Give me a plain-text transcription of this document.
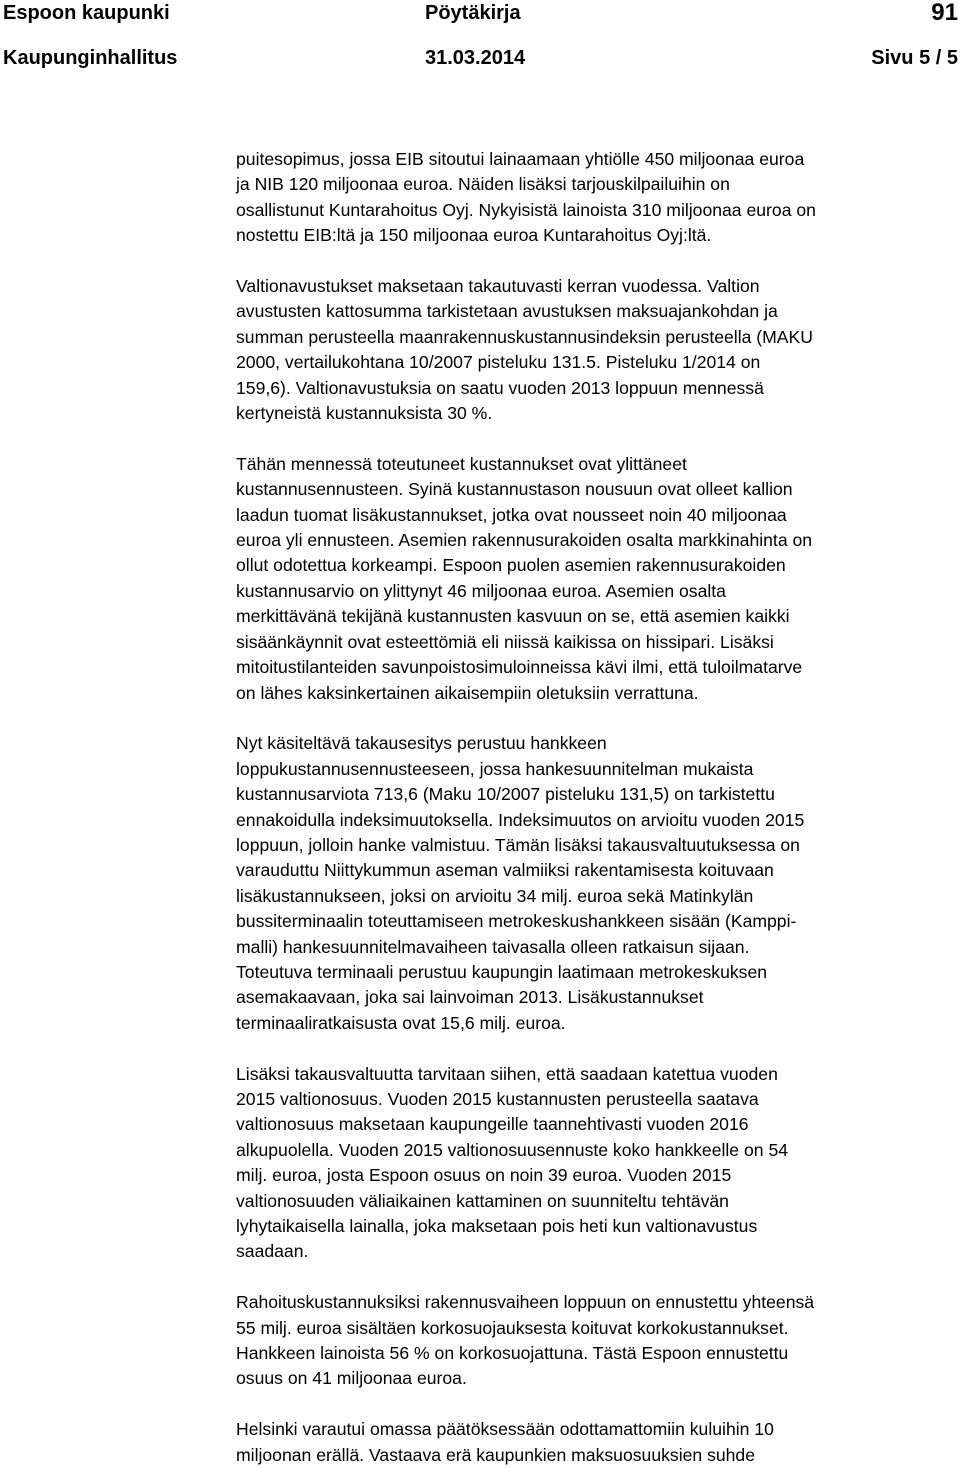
Espoon kaupunki	Pöytäkirja	91
Kaupunginhallitus	31.03.2014	Sivu 5 / 5

puitesopimus, jossa EIB sitoutui lainaamaan yhtiölle 450 miljoonaa euroa
ja NIB 120 miljoonaa euroa. Näiden lisäksi tarjouskilpailuihin on
osallistunut Kuntarahoitus Oyj. Nykyisistä lainoista 310 miljoonaa euroa on
nostettu EIB:ltä ja 150 miljoonaa euroa Kuntarahoitus Oyj:ltä.

Valtionavustukset maksetaan takautuvasti kerran vuodessa. Valtion
avustusten kattosumma tarkistetaan avustuksen maksuajankohdan ja
summan perusteella maanrakennuskustannusindeksin perusteella (MAKU
2000, vertailukohtana 10/2007 pisteluku 131.5. Pisteluku 1/2014 on
159,6). Valtionavustuksia on saatu vuoden 2013 loppuun mennessä
kertyneistä kustannuksista 30 %.

Tähän mennessä toteutuneet kustannukset ovat ylittäneet
kustannusennusteen. Syinä kustannustason nousuun ovat olleet kallion
laadun tuomat lisäkustannukset, jotka ovat nousseet noin 40 miljoonaa
euroa yli ennusteen. Asemien rakennusurakoiden osalta markkinahinta on
ollut odotettua korkeampi. Espoon puolen asemien rakennusurakoiden
kustannusarvio on ylittynyt 46 miljoonaa euroa. Asemien osalta
merkittävänä tekijänä kustannusten kasvuun on se, että asemien kaikki
sisäänkäynnit ovat esteettömiä eli niissä kaikissa on hissipari. Lisäksi
mitoitustilanteiden savunpoistosimuloinneissa kävi ilmi, että tuloilmatarve
on lähes kaksinkertainen aikaisempiin oletuksiin verrattuna.

Nyt käsiteltävä takausesitys perustuu hankkeen
loppukustannusennusteeseen, jossa hankesuunnitelman mukaista
kustannusarviota 713,6 (Maku 10/2007 pisteluku 131,5) on tarkistettu
ennakoidulla indeksimuutoksella. Indeksimuutos on arvioitu vuoden 2015
loppuun, jolloin hanke valmistuu. Tämän lisäksi takausvaltuutuksessa on
varauduttu Niittykummun aseman valmiiksi rakentamisesta koituvaan
lisäkustannukseen, joksi on arvioitu 34 milj. euroa sekä Matinkylän
bussiterminaalin toteuttamiseen metrokeskushankkeen sisään (Kamppi-
malli) hankesuunnitelmavaiheen taivasalla olleen ratkaisun sijaan.
Toteutuva terminaali perustuu kaupungin laatimaan metrokeskuksen
asemakaavaan, joka sai lainvoiman 2013. Lisäkustannukset
terminaaliratkaisusta ovat 15,6 milj. euroa.

Lisäksi takausvaltuutta tarvitaan siihen, että saadaan katettua vuoden
2015 valtionosuus. Vuoden 2015 kustannusten perusteella saatava
valtionosuus maksetaan kaupungeille taannehtivasti vuoden 2016
alkupuolella. Vuoden 2015 valtionosuusennuste koko hankkeelle on 54
milj. euroa, josta Espoon osuus on noin 39 euroa. Vuoden 2015
valtionosuuden väliaikainen kattaminen on suunniteltu tehtävän
lyhytaikaisella lainalla, joka maksetaan pois heti kun valtionavustus
saadaan.

Rahoituskustannuksiksi rakennusvaiheen loppuun on ennustettu yhteensä
55 milj. euroa sisältäen korkosuojauksesta koituvat korkokustannukset.
Hankkeen lainoista 56 % on korkosuojattuna. Tästä Espoon ennustettu
osuus on 41 miljoonaa euroa.

Helsinki varautui omassa päätöksessään odottamattomiin kuluihin 10
miljoonan erällä. Vastaava erä kaupunkien maksuosuuksien suhde
